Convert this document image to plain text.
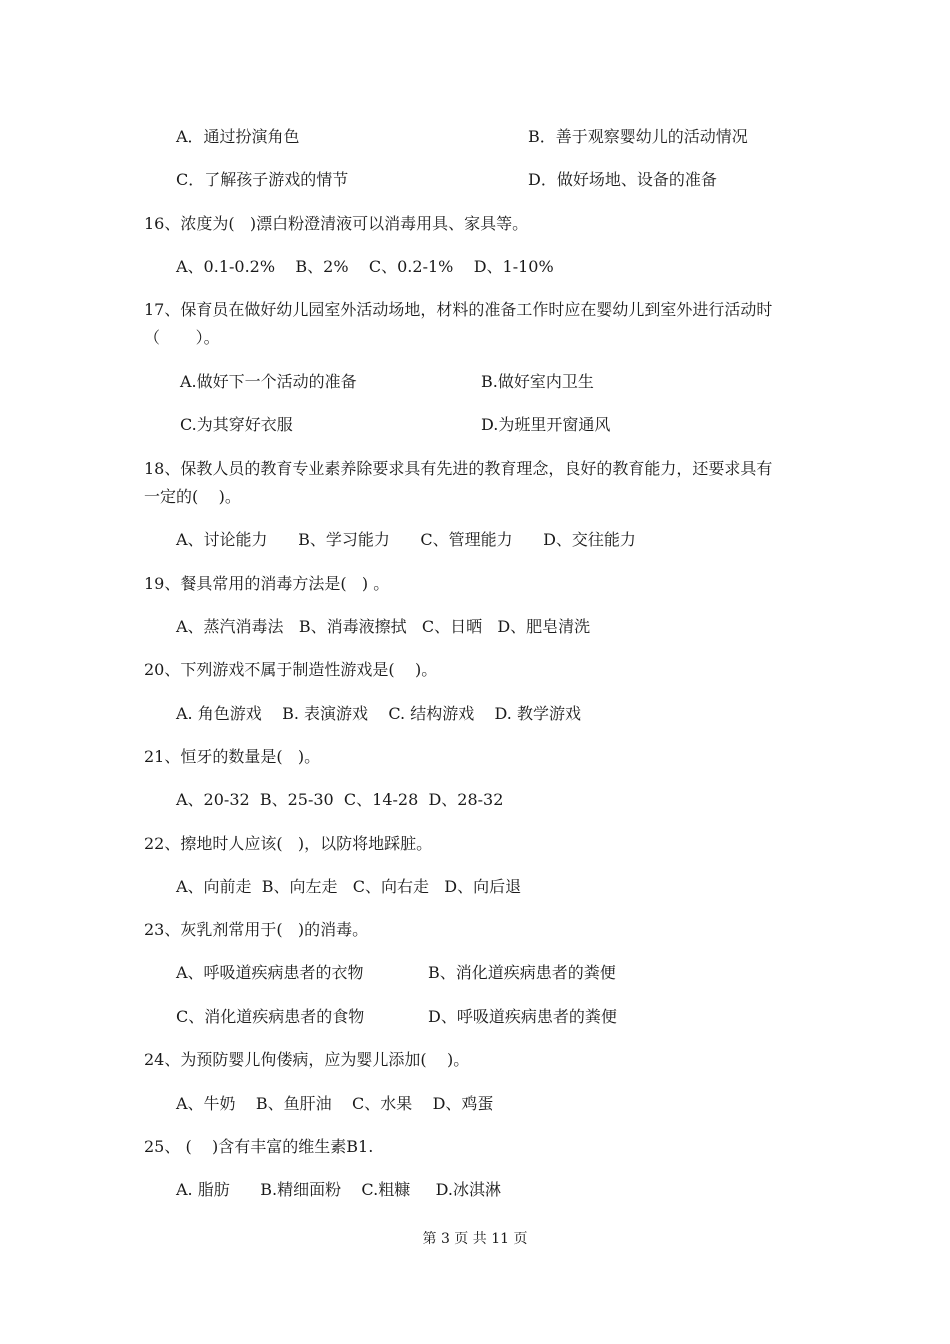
A．通过扮演角色	B．善于观察婴幼儿的活动情况
C．了解孩子游戏的情节	D．做好场地、设备的准备
16、浓度为(   )漂白粉澄清液可以消毒用具、家具等。
A、0.1-0.2%    B、2%    C、0.2-1%    D、1-10%
17、保育员在做好幼儿园室外活动场地，材料的准备工作时应在婴幼儿到室外进行活动时
（       ）。
A.做好下一个活动的准备	B.做好室内卫生
C.为其穿好衣服	D.为班里开窗通风
18、保教人员的教育专业素养除要求具有先进的教育理念，良好的教育能力，还要求具有
一定的(    )。
A、讨论能力      B、学习能力      C、管理能力      D、交往能力
19、餐具常用的消毒方法是(   ) 。
A、蒸汽消毒法   B、消毒液擦拭   C、日晒   D、肥皂清洗
20、下列游戏不属于制造性游戏是(    )。
A. 角色游戏    B. 表演游戏    C. 结构游戏    D. 教学游戏
21、恒牙的数量是(   )。
A、20-32  B、25-30  C、14-28  D、28-32
22、擦地时人应该(   )，以防将地踩脏。
A、向前走  B、向左走   C、向右走   D、向后退
23、灰乳剂常用于(   )的消毒。
A、呼吸道疾病患者的衣物	B、消化道疾病患者的粪便
C、消化道疾病患者的食物	D、呼吸道疾病患者的粪便
24、为预防婴儿佝偻病，应为婴儿添加(    )。
A、牛奶    B、鱼肝油    C、水果    D、鸡蛋
25、 (    )含有丰富的维生素B1.
A. 脂肪      B.精细面粉    C.粗糠     D.冰淇淋
第 3 页 共 11 页
